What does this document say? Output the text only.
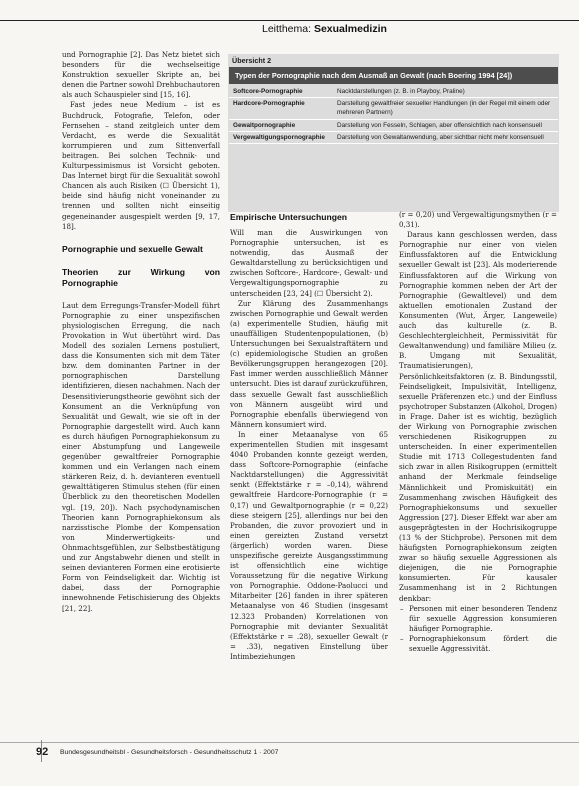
Leitthema: Sexualmedizin
Übersicht 2
Typen der Pornographie nach dem Ausmaß an Gewalt (nach Boering 1994 [24])
Softcore-Pornographie	Nacktdarstellungen (z. B. in Playboy, Praline)
Hardcore-Pornographie	Darstellung gewaltfreier sexueller Handlungen (in der Regel mit einem oder mehreren Partnern)
Gewaltpornographie	Darstellung von Fesseln, Schlagen, aber offensichtlich nach konsensuell
Vergewaltigungspornographie	Darstellung von Gewaltanwendung, aber sichtbar nicht mehr konsensuell

und Pornographie [2]. Das Netz bietet sich besonders für die wechselseitige Konstruktion sexueller Skripte an, bei denen die Partner sowohl Drehbuchautoren als auch Schauspieler sind [15, 16].

Fast jedes neue Medium – ist es Buchdruck, Fotografie, Telefon, oder Fernsehen – stand zeitgleich unter dem Verdacht, es werde die Sexualität korrumpieren und zum Sittenverfall beitragen. Bei solchen Technik- und Kulturpessimismus ist Vorsicht geboten. Das Internet birgt für die Sexualität sowohl Chancen als auch Risiken (☐ Übersicht 1), beide sind häufig nicht voneinander zu trennen und sollten nicht einseitig gegeneinander ausgespielt werden [9, 17, 18].

Pornographie und sexuelle Gewalt
Theorien zur Wirkung von Pornographie

Laut dem Erregungs-Transfer-Modell führt Pornographie zu einer unspezifischen physiologischen Erregung, die nach Provokation in Wut übertührt wird. Das Modell des sozialen Lernens postuliert, dass die Konsumenten sich mit dem Täter bzw. dem dominanten Partner in der pornographischen Darstellung identifizieren, diesen nachahmen. Nach der Desensitivierungstheorie gewöhnt sich der Konsument an die Verknüpfung von Sexualität und Gewalt, wie sie oft in der Pornographie dargestellt wird. Auch kann es durch häufigen Pornographiekonsum zu einer Abstumpfung und Langeweile gegenüber gewaltfreier Pornographie kommen und ein Verlangen nach einem stärkeren Reiz, d. h. devianteren eventuell gewalttätigeren Stimulus stehen (für einen Überblick zu den theoretischen Modellen vgl. [19, 20]). Nach psychodynamischen Theorien kann Pornographiekonsum als narzisstische Plombe der Kompensation von Minderwertigkeits- und Ohnmachtsgefühlen, zur Selbstbestätigung und zur Angstabwehr dienen und stellt in seinen devianteren Formen eine erotisierte Form von Feindseligkeit dar. Wichtig ist dabei, dass der Pornographie innewohnende Fetischisierung des Objekts [21, 22].

Empirische Untersuchungen

Will man die Auswirkungen von Pornographie untersuchen, ist es notwendig, das Ausmaß der Gewaltdarstellung zu berücksichtigen und zwischen Softcore-, Hardcore-, Gewalt- und Vergewaltigungspornographie zu unterscheiden [23, 24] (☐ Übersicht 2).

Zur Klärung des Zusammenhangs zwischen Pornographie und Gewalt werden (a) experimentelle Studien, häufig mit unauffälligen Studentenpopulationen, (b) Untersuchungen bei Sexualstraftätern und (c) epidemiologische Studien an großen Bevölkerungsgruppen herangezogen [20]. Fast immer werden ausschließlich Männer untersucht. Dies ist darauf zurückzuführen, dass sexuelle Gewalt fast ausschließlich von Männern ausgeübt wird und Pornographie ebenfalls überwiegend von Männern konsumiert wird.

In einer Metaanalyse von 65 experimentellen Studien mit insgesamt 4040 Probanden konnte gezeigt werden, dass Softcore-Pornographie (einfache Nacktdarstellungen) die Aggressivität senkt (Effektstärke r = –0,14), während gewaltfreie Hardcore-Pornographie (r = 0,17) und Gewaltpornographie (r = 0,22) diese steigern [25], allerdings nur bei den Probanden, die zuvor provoziert und in einen gereizten Zustand versetzt (ärgerlich) worden waren. Diese unspezifische gereizte Ausgangsstimmung ist offensichtlich eine wichtige Voraussetzung für die negative Wirkung von Pornographie. Oddone-Paolucci und Mitarbeiter [26] fanden in ihrer späteren Metaanalyse von 46 Studien (insgesamt 12.323 Probanden) Korrelationen von Pornographie mit devianter Sexualität (Effektstärke r = .28), sexueller Gewalt (r = .33), negativen Einstellung über Intimbeziehungen

(r = 0,20) und Vergewaltigungsmythen (r = 0,31).

Daraus kann geschlossen werden, dass Pornographie nur einer von vielen Einflussfaktoren auf die Entwicklung sexueller Gewalt ist [23]. Als moderierende Einflussfaktoren auf die Wirkung von Pornographie kommen neben der Art der Pornographie (Gewaltlevel) und dem aktuellen emotionalen Zustand der Konsumenten (Wut, Ärger, Langeweile) auch das kulturelle (z. B. Geschlechtergleichheit, Permissivität für Gewaltanwendung) und familiäre Milieu (z. B. Umgang mit Sexualität, Traumatisierungen), Persönlichkeitsfaktoren (z. B. Bindungsstil, Feindseligkeit, Impulsivität, Intelligenz, sexuelle Präferenzen etc.) und der Einfluss psychotroper Substanzen (Alkohol, Drogen) in Frage. Daher ist es wichtig, bezüglich der Wirkung von Pornographie zwischen verschiedenen Risikogruppen zu unterscheiden. In einer experimentellen Studie mit 1713 Collegestudenten fand sich zwar in allen Risikogruppen (ermittelt anhand der Merkmale feindselige Männlichkeit und Promiskuität) ein Zusammenhang zwischen Häufigkeit des Pornographiekonsums und sexueller Aggression [27]. Dieser Effekt war aber am ausgeprägtesten in der Hochrisikogruppe (13 % der Stichprobe). Personen mit dem häufigsten Pornographiekonsum zeigten zwar so häufig sexuelle Aggressionen als diejenigen, die nie Pornographie konsumierten. Für kausaler Zusammenhang ist in 2 Richtungen denkbar:

– Personen mit einer besonderen Tendenz für sexuelle Aggression konsumieren häufiger Pornographie.
– Pornographiekonsum fördert die sexuelle Aggressivität.
92 Bundesgesundheitsbl - Gesundheitsforsch - Gesundheitsschutz 1 · 2007
